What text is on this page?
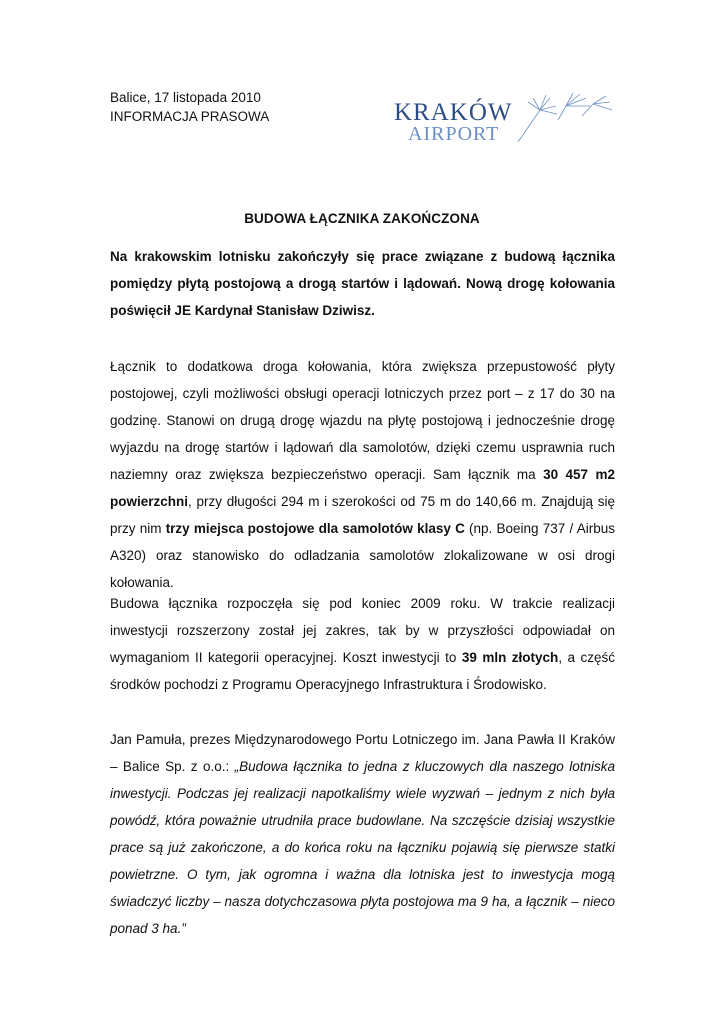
Balice, 17 listopada 2010
INFORMACJA PRASOWA	KRAKÓW
AIRPORT
BUDOWA ŁĄCZNIKA ZAKOŃCZONA
Na krakowskim lotnisku zakończyły się prace związane z budową łącznika pomiędzy płytą postojową a drogą startów i lądowań. Nową drogę kołowania poświęcił JE Kardynał Stanisław Dziwisz.
Łącznik to dodatkowa droga kołowania, która zwiększa przepustowość płyty postojowej, czyli możliwości obsługi operacji lotniczych przez port – z 17 do 30 na godzinę. Stanowi on drugą drogę wjazdu na płytę postojową i jednocześnie drogę wyjazdu na drogę startów i lądowań dla samolotów, dzięki czemu usprawnia ruch naziemny oraz zwiększa bezpieczeństwo operacji. Sam łącznik ma 30 457 m2 powierzchni, przy długości 294 m i szerokości od 75 m do 140,66 m. Znajdują się przy nim trzy miejsca postojowe dla samolotów klasy C (np. Boeing 737 / Airbus A320) oraz stanowisko do odladzania samolotów zlokalizowane w osi drogi kołowania.
Budowa łącznika rozpoczęła się pod koniec 2009 roku. W trakcie realizacji inwestycji rozszerzony został jej zakres, tak by w przyszłości odpowiadał on wymaganiom II kategorii operacyjnej. Koszt inwestycji to 39 mln złotych, a część środków pochodzi z Programu Operacyjnego Infrastruktura i Środowisko.
Jan Pamuła, prezes Międzynarodowego Portu Lotniczego im. Jana Pawła II Kraków – Balice Sp. z o.o.: „Budowa łącznika to jedna z kluczowych dla naszego lotniska inwestycji. Podczas jej realizacji napotkaliśmy wiele wyzwań – jednym z nich była powódź, która poważnie utrudniła prace budowlane. Na szczęście dzisiaj wszystkie prace są już zakończone, a do końca roku na łączniku pojawią się pierwsze statki powietrzne. O tym, jak ogromna i ważna dla lotniska jest to inwestycja mogą świadczyć liczby – nasza dotychczasowa płyta postojowa ma 9 ha, a łącznik – nieco ponad 3 ha.”
